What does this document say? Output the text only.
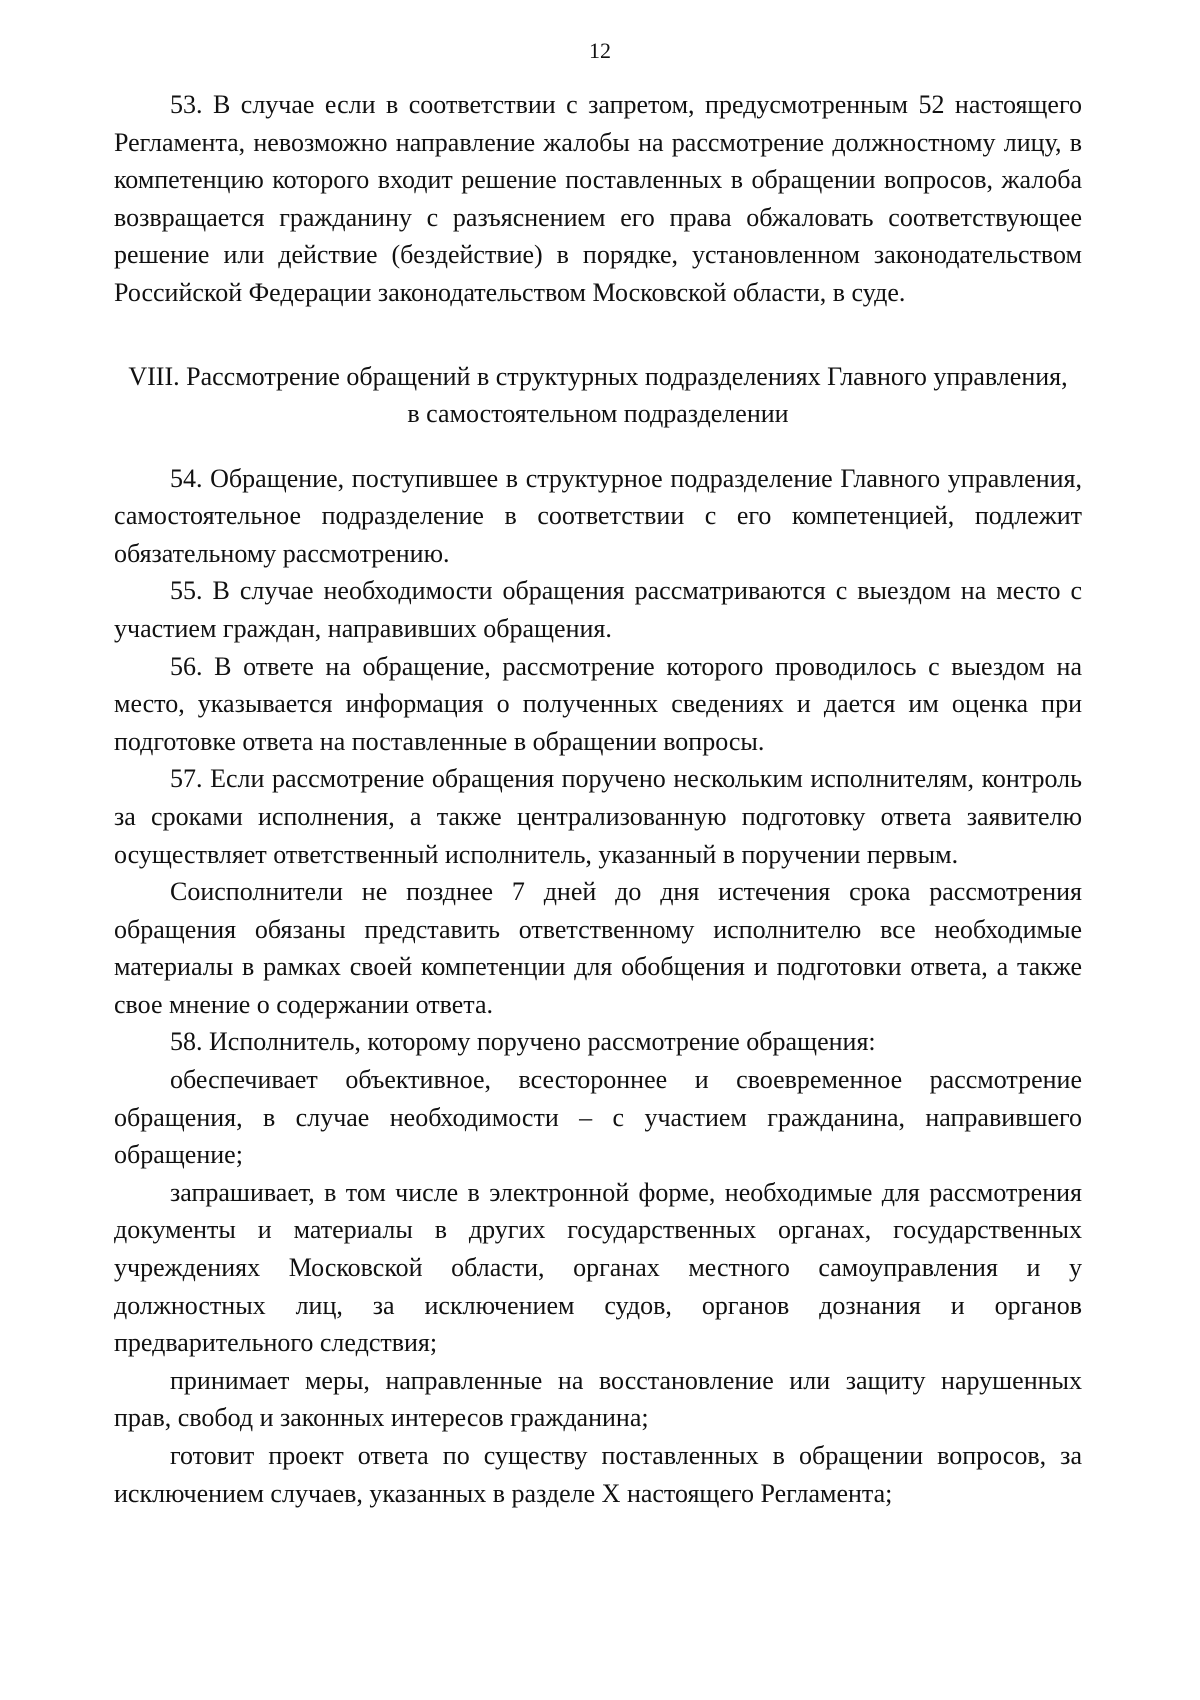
12

53. В случае если в соответствии с запретом, предусмотренным 52 настоящего Регламента, невозможно направление жалобы на рассмотрение должностному лицу, в компетенцию которого входит решение поставленных в обращении вопросов, жалоба возвращается гражданину с разъяснением его права обжаловать соответствующее решение или действие (бездействие) в порядке, установленном законодательством Российской Федерации законодательством Московской области, в суде.

VIII. Рассмотрение обращений в структурных подразделениях Главного управления,
в самостоятельном подразделении

54. Обращение, поступившее в структурное подразделение Главного управления, самостоятельное подразделение в соответствии с его компетенцией, подлежит обязательному рассмотрению.

55. В случае необходимости обращения рассматриваются с выездом на место с участием граждан, направивших обращения.

56. В ответе на обращение, рассмотрение которого проводилось с выездом на место, указывается информация о полученных сведениях и дается им оценка при подготовке ответа на поставленные в обращении вопросы.

57. Если рассмотрение обращения поручено нескольким исполнителям, контроль за сроками исполнения, а также централизованную подготовку ответа заявителю осуществляет ответственный исполнитель, указанный в поручении первым.

Соисполнители не позднее 7 дней до дня истечения срока рассмотрения обращения обязаны представить ответственному исполнителю все необходимые материалы в рамках своей компетенции для обобщения и подготовки ответа, а также свое мнение о содержании ответа.

58. Исполнитель, которому поручено рассмотрение обращения:

обеспечивает объективное, всестороннее и своевременное рассмотрение обращения, в случае необходимости – с участием гражданина, направившего обращение;

запрашивает, в том числе в электронной форме, необходимые для рассмотрения документы и материалы в других государственных органах, государственных учреждениях Московской области, органах местного самоуправления и у должностных лиц, за исключением судов, органов дознания и органов предварительного следствия;

принимает меры, направленные на восстановление или защиту нарушенных прав, свобод и законных интересов гражданина;

готовит проект ответа по существу поставленных в обращении вопросов, за исключением случаев, указанных в разделе X настоящего Регламента;
